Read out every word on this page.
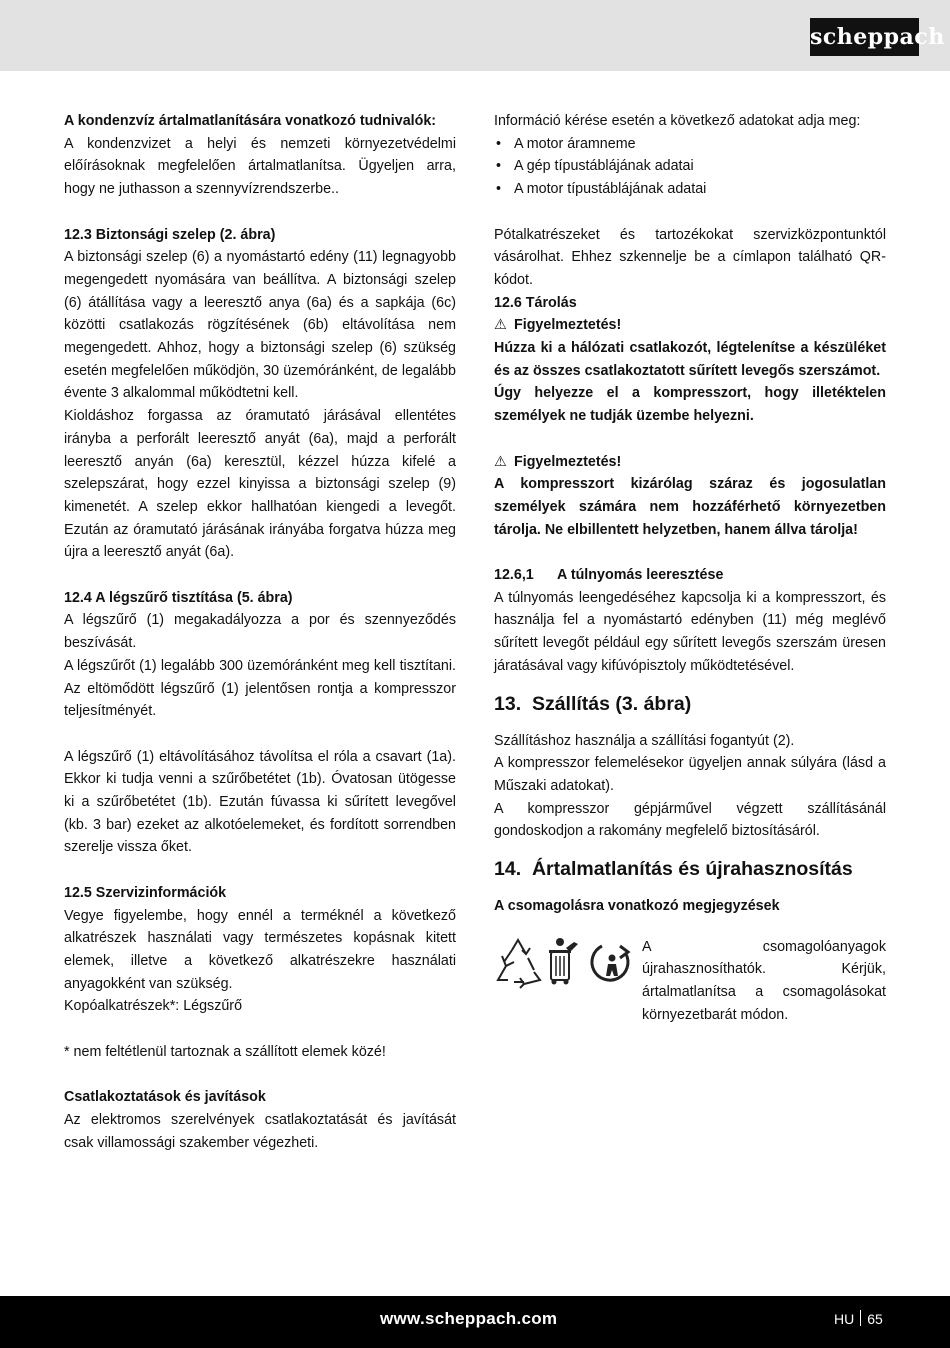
scheppach

A kondenzvíz ártalmatlanítására vonatkozó tudnivalók:

A kondenzvizet a helyi és nemzeti környezetvédelmi előírásoknak megfelelően ártalmatlanítsa. Ügyeljen arra, hogy ne juthasson a szennyvízrendszerbe..

12.3 Biztonsági szelep (2. ábra)

A biztonsági szelep (6) a nyomástartó edény (11) legnagyobb megengedett nyomására van beállítva. A biztonsági szelep (6) átállítása vagy a leeresztő anya (6a) és a sapkája (6c) közötti csatlakozás rögzítésének (6b) eltávolítása nem megengedett. Ahhoz, hogy a biztonsági szelep (6) szükség esetén megfelelően működjön, 30 üzemóránként, de legalább évente 3 alkalommal működtetni kell.

Kioldáshoz forgassa az óramutató járásával ellentétes irányba a perforált leeresztő anyát (6a), majd a perforált leeresztő anyán (6a) keresztül, kézzel húzza kifelé a szelepszárat, hogy ezzel kinyissa a biztonsági szelep (9) kimenetét. A szelep ekkor hallhatóan kiengedi a levegőt. Ezután az óramutató járásának irányába forgatva húzza meg újra a leeresztő anyát (6a).

12.4 A légszűrő tisztítása (5. ábra)

A légszűrő (1) megakadályozza a por és szennyeződés beszívását.

A légszűrőt (1) legalább 300 üzemóránként meg kell tisztítani. Az eltömődött légszűrő (1) jelentősen rontja a kompresszor teljesítményét.

A légszűrő (1) eltávolításához távolítsa el róla a csavart (1a). Ekkor ki tudja venni a szűrőbetétet (1b). Óvatosan ütögesse ki a szűrőbetétet (1b). Ezután fúvassa ki sűrített levegővel (kb. 3 bar) ezeket az alkotóelemeket, és fordított sorrendben szerelje vissza őket.

12.5 Szervizinformációk

Vegye figyelembe, hogy ennél a terméknél a következő alkatrészek használati vagy természetes kopásnak kitett elemek, illetve a következő alkatrészekre használati anyagokként van szükség.

Kopóalkatrészek*: Légszűrő

* nem feltétlenül tartoznak a szállított elemek közé!

Csatlakoztatások és javítások

Az elektromos szerelvények csatlakoztatását és javítását csak villamossági szakember végezheti.

Információ kérése esetén a következő adatokat adja meg:

• A motor áramneme
• A gép típustáblájának adatai
• A motor típustáblájának adatai

Pótalkatrészeket és tartozékokat szervizközpontunktól vásárolhat. Ehhez szkennelje be a címlapon található QR-kódot.

12.6 Tárolás

⚠ Figyelmeztetés!

Húzza ki a hálózati csatlakozót, légtelenítse a készüléket és az összes csatlakoztatott sűrített levegős szerszámot.

Úgy helyezze el a kompresszort, hogy illetéktelen személyek ne tudják üzembe helyezni.

⚠ Figyelmeztetés!

A kompresszort kizárólag száraz és jogosulatlan személyek számára nem hozzáférhető környezetben tárolja. Ne elbillentett helyzetben, hanem állva tárolja!

12.6,1      A túlnyomás leeresztése

A túlnyomás leengedéséhez kapcsolja ki a kompresszort, és használja fel a nyomástartó edényben (11) még meglévő sűrített levegőt például egy sűrített levegős szerszám üresen járatásával vagy kifúvópisztoly működtetésével.

13.  Szállítás (3. ábra)

Szállításhoz használja a szállítási fogantyút (2).

A kompresszor felemelésekor ügyeljen annak súlyára (lásd a Műszaki adatokat).

A kompresszor gépjárművel végzett szállításánál gondoskodjon a rakomány megfelelő biztosításáról.

14.  Ártalmatlanítás és újrahasznosítás

A csomagolásra vonatkozó megjegyzések

A csomagolóanyagok újrahasznosíthatók. Kérjük, ártalmatlanítsa a csomagolásokat környezetbarát módon.

www.scheppach.com	HU 65
